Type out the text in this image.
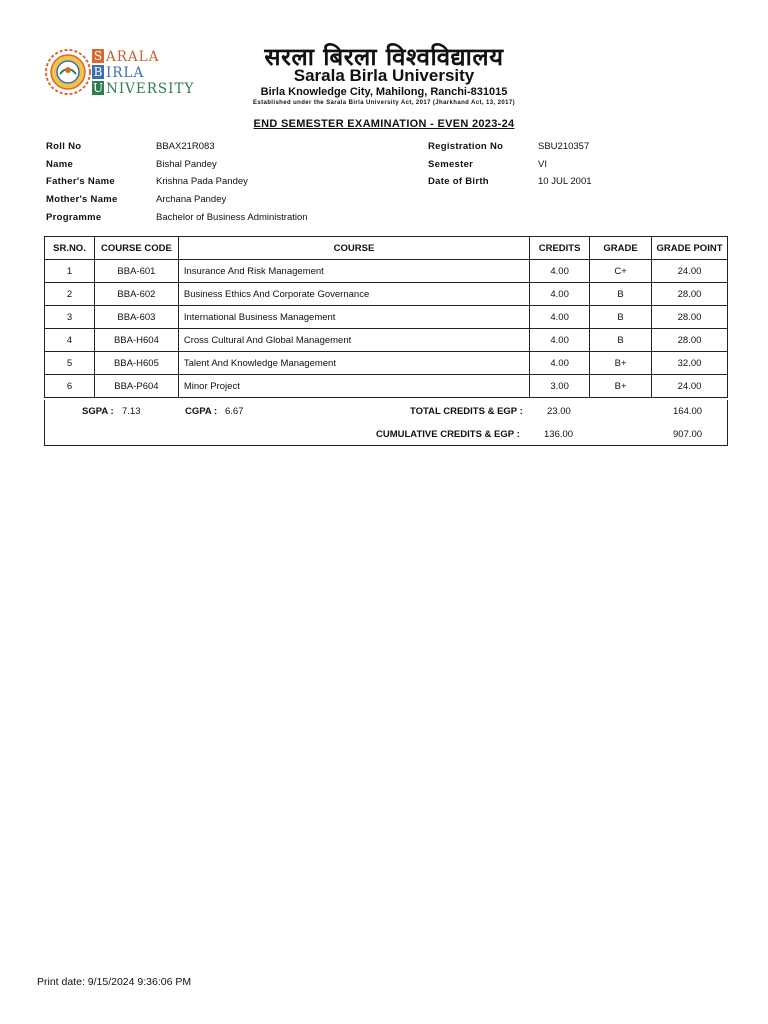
S ARALA
B IRLA
U NIVERSITY
सरला बिरला विश्वविद्यालय
Sarala Birla University
Birla Knowledge City, Mahilong, Ranchi-831015
Established under the Sarala Birla University Act, 2017 (Jharkhand Act, 13, 2017)
END SEMESTER EXAMINATION - EVEN 2023-24
Roll No	BBAX21R083	Registration No	SBU210357
Name	Bishal Pandey	Semester	VI
Father's Name	Krishna Pada Pandey	Date of Birth	10 JUL 2001
Mother's Name	Archana Pandey
Programme	Bachelor of Business Administration
SR.NO.	COURSE CODE	COURSE	CREDITS	GRADE	GRADE POINT
1	BBA-601	Insurance And Risk Management	4.00	C+	24.00
2	BBA-602	Business Ethics And Corporate Governance	4.00	B	28.00
3	BBA-603	International Business Management	4.00	B	28.00
4	BBA-H604	Cross Cultural And Global Management	4.00	B	28.00
5	BBA-H605	Talent And Knowledge Management	4.00	B+	32.00
6	BBA-P604	Minor Project	3.00	B+	24.00
SGPA : 7.13	CGPA : 6.67	TOTAL CREDITS & EGP :	23.00	164.00
CUMULATIVE CREDITS & EGP :	136.00	907.00
Print date: 9/15/2024 9:36:06 PM
